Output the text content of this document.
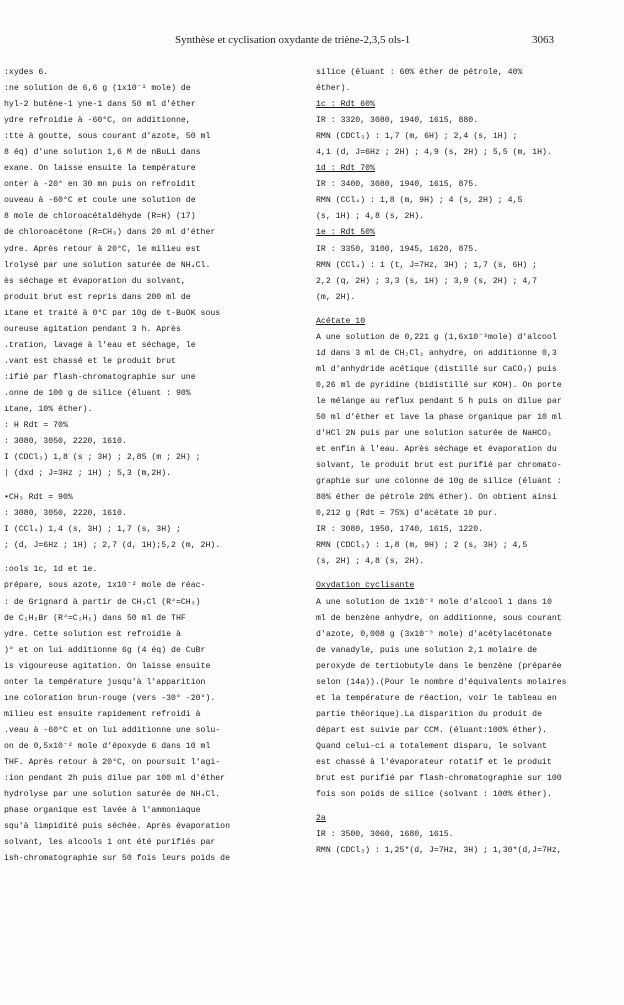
Synthèse et cyclisation oxydante de triène-2,3,5 ols-1	3063
:xydes 6.
:ne solution de 6,6 g (1x10⁻¹ mole) de
hyl-2 butène-1 yne-1 dans 50 ml d'éther
ydre refroidie à -60°C, on additionne,
:tte à goutte, sous courant d'azote, 50 ml
8 éq) d'une solution 1,6 M de nBuLi dans
exane. On laisse ensuite la température
onter à -20° en 30 mn puis on refroidit
ouveau à -60°C et coule une solution de
8 mole de chloroacétaldéhyde (R=H) (17)
de chloroacétone (R=CH₃) dans 20 ml d'éther
ydre. Après retour à 20°C, le milieu est
lrolysé par une solution saturée de NH₄Cl.
ès séchage et évaporation du solvant,
produit brut est repris dans 200 ml de
ıtane et traité à 0°C par 10g de t-BuOK sous
oureuse agitation pendant 3 h. Après
.tration, lavage à l'eau et séchage, le
.vant est chassé et le produit brut
:ifié par flash-chromatographie sur une
.onne de 100 g de silice (éluant : 90%
ıtane, 10% éther).
: H Rdt = 70%
: 3080, 3050, 2220, 1610.
I (CDCl₃) 1,8 (s ; 3H) ; 2,85 (m ; 2H) ;
| (dxd ; J=3Hz ; 1H) ; 5,3 (m,2H).
•CH₃ Rdt = 90%
: 3080, 3050, 2220, 1610.
I (CCl₄) 1,4 (s, 3H) ; 1,7 (s, 3H) ;
; (d, J=6Hz ; 1H) ; 2,7 (d, 1H);5,2 (m, 2H).
:ools 1c, 1d et 1e.
prépare, sous azote, 1x10⁻² mole de réac-
: de Grignard à partir de CH₃Cl (R⁴=CH₃)
de C₂H₅Br (R⁴=C₂H₅) dans 50 ml de THF
ydre. Cette solution est refroidie à
)° et on lui additionne 6g (4 éq) de CuBr
is vigoureuse agitation. On laisse ensuite
onter la température jusqu'à l'apparition
ıne coloration brun-rouge (vers -30° -20°).
milieu est ensuite rapidement refroidi à
.veau à -60°C et on lui additionne une solu-
on de 0,5x10⁻² mole d'époxyde 6 dans 10 ml
THF. Après retour à 20°C, on poursuit l'agi-
:ion pendant 2h puis dilue par 100 ml d'éther
hydrolyse par une solution saturée de NH₄Cl.
phase organique est lavée à l'ammoniaque
squ'à limpidité puis séchée. Après évaporation
solvant, les alcools 1 ont été purifiés par
ish-chromatographie sur 50 fois leurs poids de
silice (éluant : 60% éther de pétrole, 40%
éther).
1c : Rdt 60%
IR : 3320, 3080, 1940, 1615, 880.
RMN (CDCl₃) : 1,7 (m, 6H) ; 2,4 (s, 1H) ;
4,1 (d, J=6Hz ; 2H) ; 4,9 (s, 2H) ; 5,5 (m, 1H).
1d : Rdt 70%
IR : 3400, 3080, 1940, 1615, 875.
RMN (CCl₄) : 1,8 (m, 9H) ; 4 (s, 2H) ; 4,5
(s, 1H) ; 4,8 (s, 2H).
1e : Rdt 50%
IR : 3350, 3100, 1945, 1620, 875.
RMN (CCl₄) : 1 (t, J=7Hz, 3H) ; 1,7 (s, 6H) ;
2,2 (q, 2H) ; 3,3 (s, 1H) ; 3,9 (s, 2H) ; 4,7
(m, 2H).
Acétate 10
A une solution de 0,221 g (1,6x10⁻³mole) d'alcool
1d dans 3 ml de CH₂Cl₂ anhydre, on additionne 0,3
ml d'anhydride acétique (distillé sur CaCO₃) puis
0,26 ml de pyridine (bidistillé sur KOH). On porte
le mélange au reflux pendant 5 h puis on dilue par
50 ml d'éther et lave la phase organique par 10 ml
d'HCl 2N puis par une solution saturée de NaHCO₃
et enfin à l'eau. Après séchage et évaporation du
solvant, le produit brut est purifié par chromato-
graphie sur une colonne de 10g de silice (éluant :
80% éther de pétrole 20% éther). On obtient ainsi
0,212 g (Rdt = 75%) d'acétate 10 pur.
IR : 3080, 1950, 1740, 1615, 1220.
RMN (CDCl₃) : 1,8 (m, 9H) ; 2 (s, 3H) ; 4,5
(s, 2H) ; 4,8 (s, 2H).
Oxydation cyclisante
A une solution de 1x10⁻³ mole d'alcool 1 dans 10
ml de benzène anhydre, on additionne, sous courant
d'azote, 0,008 g (3x10⁻⁵ mole) d'acétylacétonate
de vanadyle, puis une solution 2,1 molaire de
peroxyde de tertiobutyle dans le benzène (préparée
selon (14a)).(Pour le nombre d'équivalents molaires
et la température de réaction, voir le tableau en
partie théorique).La disparition du produit de
départ est suivie par CCM. (éluant:100% éther).
Quand celui-ci a totalement disparu, le solvant
est chassé à l'évaporateur rotatif et le produit
brut est purifié par flash-chromatographie sur 100
fois son poids de silice (solvant : 100% éther).
2a
IR : 3500, 3060, 1680, 1615.
RMN (CDCl₃) : 1,25*(d, J=7Hz, 3H) ; 1,30*(d,J=7Hz,
